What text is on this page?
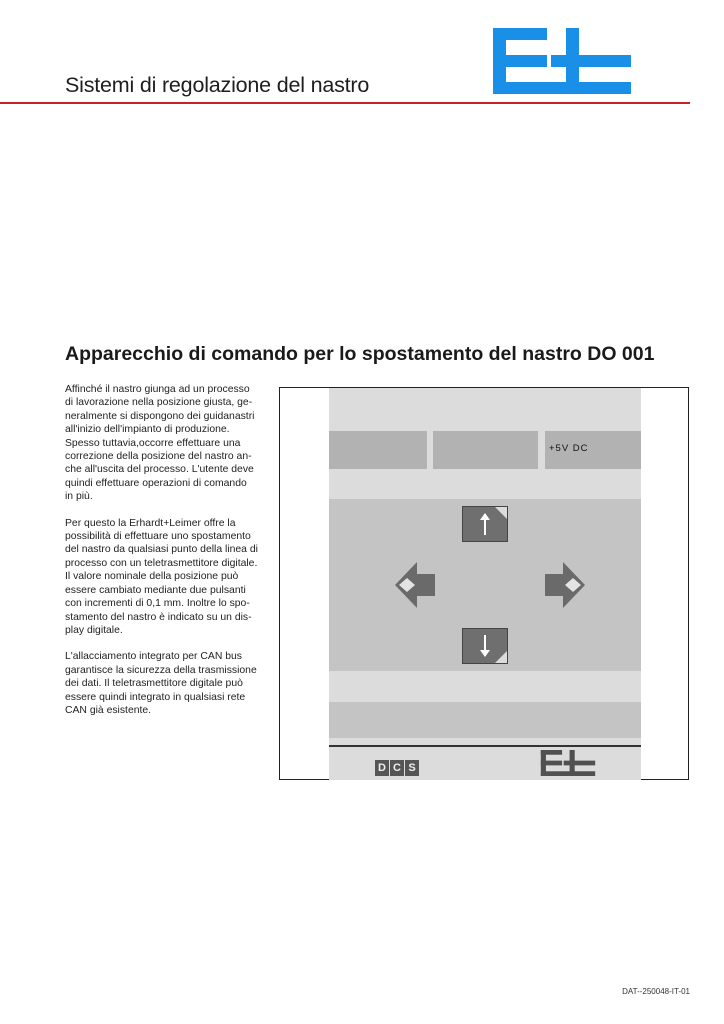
Sistemi di regolazione del nastro
Apparecchio di comando per lo spostamento del nastro DO 001

Affinché il nastro giunga ad un processo
di lavorazione nella posizione giusta, ge-
neralmente si dispongono dei guidanastri
all'inizio dell'impianto di produzione.
Spesso tuttavia,occorre effettuare una
correzione della posizione del nastro an-
che all'uscita del processo. L'utente deve
quindi effettuare operazioni di comando
in più.

Per questo la Erhardt+Leimer offre la
possibilità di effettuare uno spostamento
del nastro da qualsiasi punto della linea di
processo con un teletrasmettitore digitale.
Il valore nominale della posizione può
essere cambiato mediante due pulsanti
con incrementi di 0,1 mm. Inoltre lo spo-
stamento del nastro è indicato su un dis-
play digitale.

L'allacciamento integrato per CAN bus
garantisce la sicurezza della trasmissione
dei dati. Il teletrasmettitore digitale può
essere quindi integrato in qualsiasi rete
CAN già esistente.

+5V DC
D C S
DAT--250048-IT-01
